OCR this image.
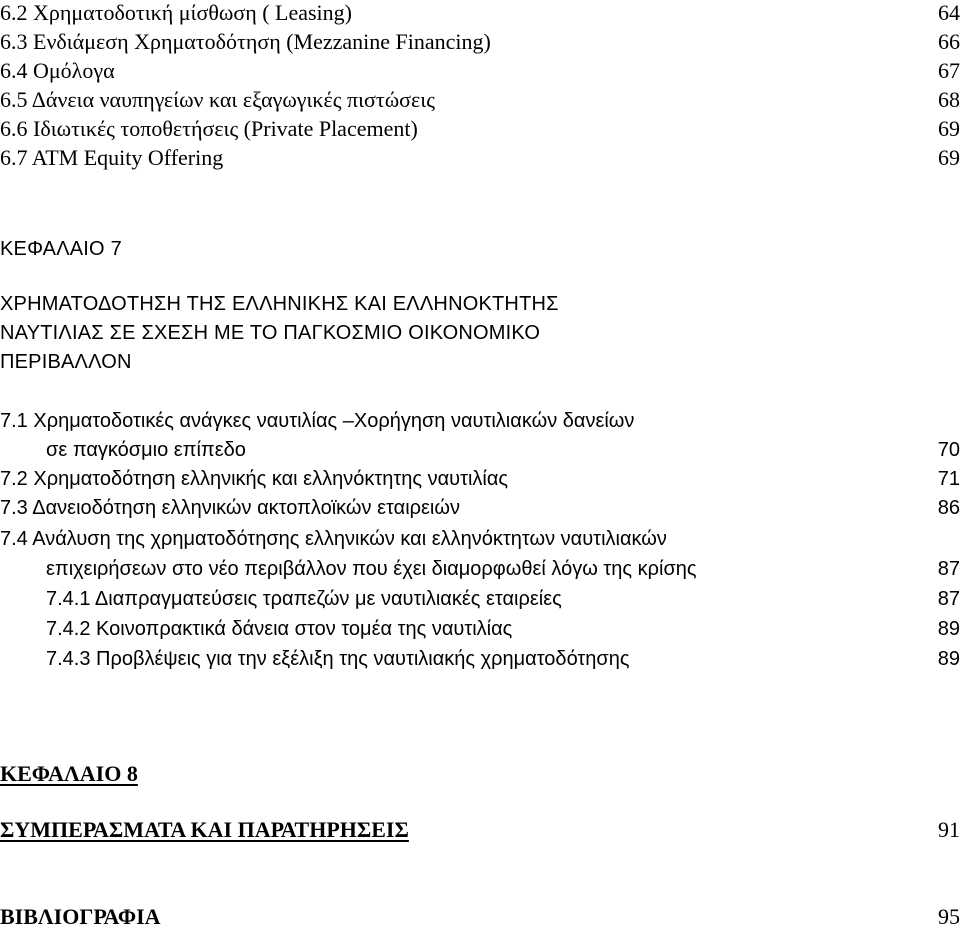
6.2 Χρηματοδοτική μίσθωση ( Leasing)	64
6.3 Ενδιάμεση Χρηματοδότηση (Mezzanine Financing)	66
6.4 Ομόλογα	67
6.5 Δάνεια ναυπηγείων και εξαγωγικές πιστώσεις	68
6.6 Ιδιωτικές τοποθετήσεις (Private Placement)	69
6.7 ATM Equity Offering	69
ΚΕΦΑΛΑΙΟ 7
ΧΡΗΜΑΤΟΔΟΤΗΣΗ ΤΗΣ ΕΛΛΗΝΙΚΗΣ ΚΑΙ ΕΛΛΗΝΟΚΤΗΤΗΣ
ΝΑΥΤΙΛΙΑΣ ΣΕ ΣΧΕΣΗ ΜΕ ΤΟ ΠΑΓΚΟΣΜΙΟ ΟΙΚΟΝΟΜΙΚΟ
ΠΕΡΙΒΑΛΛΟΝ
7.1 Χρηματοδοτικές ανάγκες ναυτιλίας –Χορήγηση ναυτιλιακών δανείων
σε παγκόσμιο επίπεδο	70
7.2 Χρηματοδότηση ελληνικής και ελληνόκτητης ναυτιλίας	71
7.3 Δανειοδότηση ελληνικών ακτοπλοϊκών εταιρειών	86
7.4 Ανάλυση της χρηματοδότησης ελληνικών και ελληνόκτητων ναυτιλιακών
επιχειρήσεων στο νέο περιβάλλον που έχει διαμορφωθεί λόγω της κρίσης	87
7.4.1 Διαπραγματεύσεις τραπεζών με ναυτιλιακές εταιρείες	87
7.4.2 Κοινοπρακτικά δάνεια στον τομέα της ναυτιλίας	89
7.4.3 Προβλέψεις για την εξέλιξη της ναυτιλιακής χρηματοδότησης	89
ΚΕΦΑΛΑΙΟ 8
ΣΥΜΠΕΡΑΣΜΑΤΑ ΚΑΙ ΠΑΡΑΤΗΡΗΣΕΙΣ	91
ΒΙΒΛΙΟΓΡΑΦΙΑ	95
